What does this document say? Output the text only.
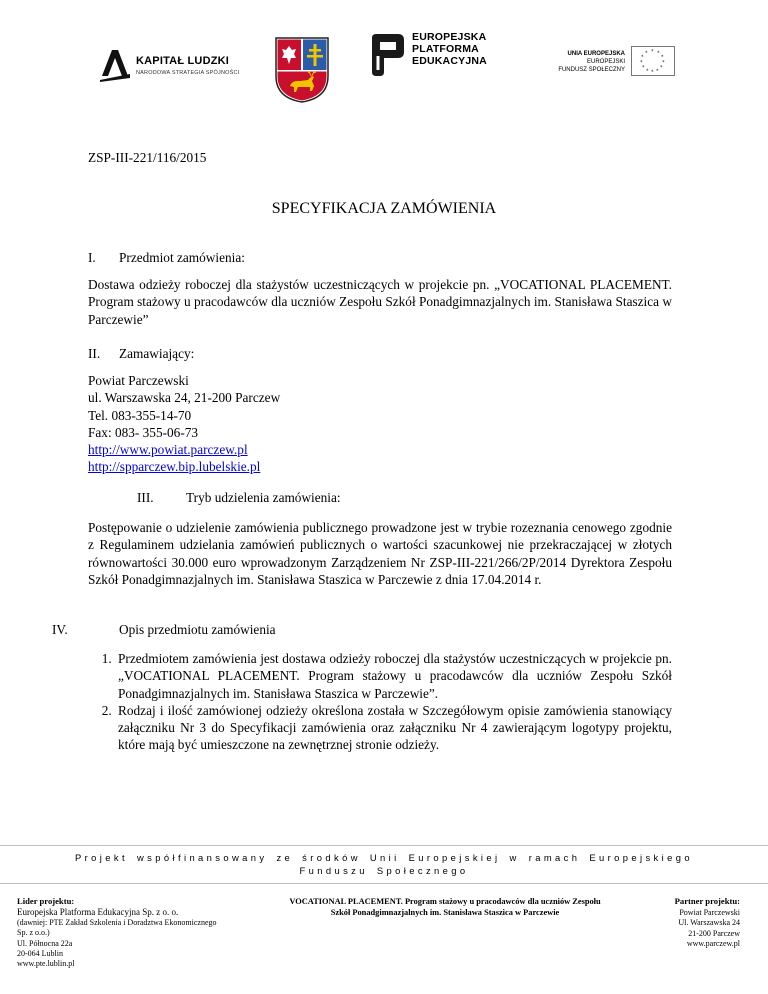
KAPITAŁ LUDZKI
NARODOWA STRATEGIA SPÓJNOŚCI
EUROPEJSKA
PLATFORMA
EDUKACYJNA
UNIA EUROPEJSKA
EUROPEJSKI
FUNDUSZ SPOŁECZNY
* *
*
*
*
*
*
*
*
*
*
*
ZSP-III-221/116/2015
SPECYFIKACJA ZAMÓWIENIA
I. Przedmiot zamówienia:
Dostawa odzieży roboczej dla stażystów uczestniczących w projekcie pn. „VOCATIONAL PLACEMENT. Program stażowy u pracodawców dla uczniów Zespołu Szkół Ponadgimnazjalnych im. Stanisława Staszica w Parczewie”
II. Zamawiający:
Powiat Parczewski
ul. Warszawska 24, 21-200 Parczew
Tel. 083-355-14-70
Fax: 083- 355-06-73
http://www.powiat.parczew.pl
http://spparczew.bip.lubelskie.pl
III. Tryb udzielenia zamówienia:
Postępowanie o udzielenie zamówienia publicznego prowadzone jest w trybie rozeznania cenowego zgodnie z Regulaminem udzielania zamówień publicznych o wartości szacunkowej nie przekraczającej w złotych równowartości 30.000 euro wprowadzonym Zarządzeniem Nr ZSP-III-221/266/2P/2014 Dyrektora Zespołu Szkół Ponadgimnazjalnych im. Stanisława Staszica w Parczewie z dnia 17.04.2014 r.
IV.	Opis przedmiotu zamówienia
1. Przedmiotem zamówienia jest dostawa odzieży roboczej dla stażystów uczestniczących w projekcie pn. „VOCATIONAL PLACEMENT. Program stażowy u pracodawców dla uczniów Zespołu Szkół Ponadgimnazjalnych im. Stanisława Staszica w Parczewie”.
2. Rodzaj i ilość zamówionej odzieży określona została w Szczegółowym opisie zamówienia stanowiący załączniku Nr 3 do Specyfikacji zamówienia oraz załączniku Nr 4 zawierającym logotypy projektu, które mają być umieszczone na zewnętrznej stronie odzieży.
Projekt współfinansowany ze środków Unii Europejskiej w ramach Europejskiego
Funduszu Społecznego
Lider projektu:
Europejska Platforma Edukacyjna Sp. z o. o.
(dawniej: PTE Zakład Szkolenia i Doradztwa Ekonomicznego
Sp. z o.o.)
Ul. Północna 22a
20-064 Lublin
www.pte.lublin.pl
VOCATIONAL PLACEMENT. Program stażowy u pracodawców dla uczniów Zespołu Szkół Ponadgimnazjalnych im. Stanisława Staszica w Parczewie
Partner projektu:
Powiat Parczewski
Ul. Warszawska 24
21-200 Parczew
www.parczew.pl
